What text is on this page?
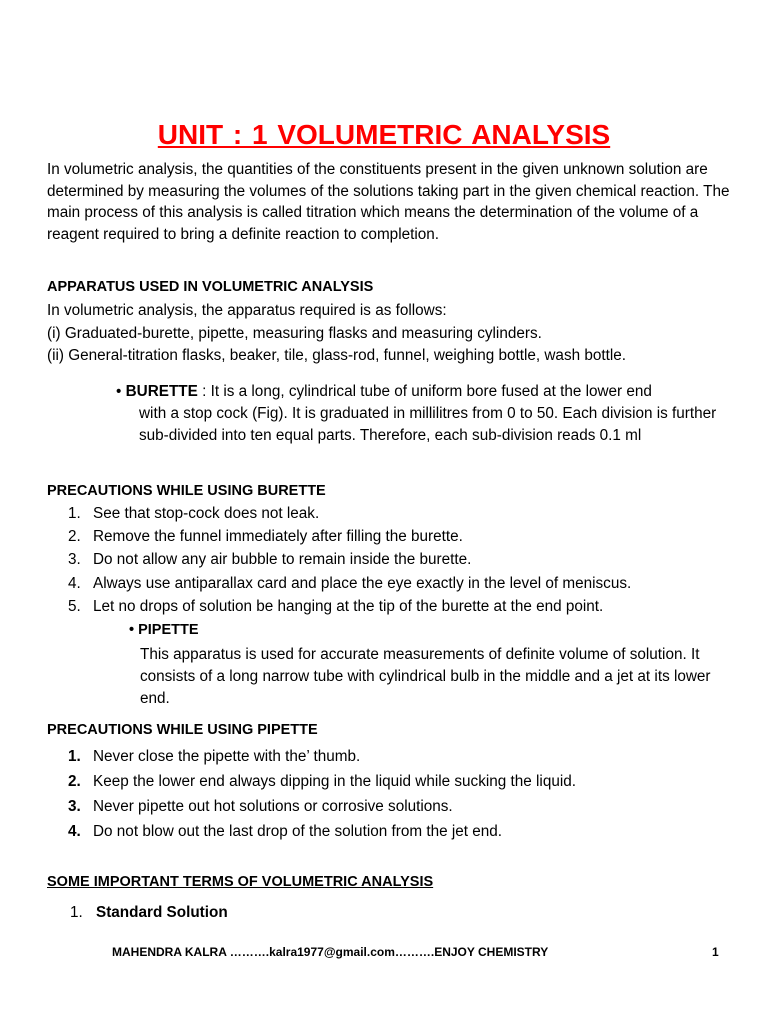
UNIT : 1 VOLUMETRIC ANALYSIS
In volumetric analysis, the quantities of the constituents present in the given unknown solution are determined by measuring the volumes of the solutions taking part in the given chemical reaction. The main process of this analysis is called titration which means the determination of the volume of a reagent required to bring a definite reaction to completion.
APPARATUS USED IN VOLUMETRIC ANALYSIS
In volumetric analysis, the apparatus required is as follows:
(i) Graduated-burette, pipette, measuring flasks and measuring cylinders.
(ii) General-titration flasks, beaker, tile, glass-rod, funnel, weighing bottle, wash bottle.
• BURETTE : It is a long, cylindrical tube of uniform bore fused at the lower end
with a stop cock (Fig). It is graduated in millilitres from 0 to 50. Each division is further sub-divided into ten equal parts. Therefore, each sub-division reads 0.1 ml
PRECAUTIONS WHILE USING BURETTE
1. See that stop-cock does not leak.
2. Remove the funnel immediately after filling the burette.
3. Do not allow any air bubble to remain inside the burette.
4. Always use antiparallax card and place the eye exactly in the level of meniscus.
5. Let no drops of solution be hanging at the tip of the burette at the end point.
• PIPETTE
This apparatus is used for accurate measurements of definite volume of solution. It consists of a long narrow tube with cylindrical bulb in the middle and a jet at its lower end.
PRECAUTIONS WHILE USING PIPETTE
1. Never close the pipette with the’ thumb.
2. Keep the lower end always dipping in the liquid while sucking the liquid.
3. Never pipette out hot solutions or corrosive solutions.
4. Do not blow out the last drop of the solution from the jet end.
SOME IMPORTANT TERMS OF VOLUMETRIC ANALYSIS
1. Standard Solution
MAHENDRA KALRA ……….kalra1977@gmail.com……….ENJOY CHEMISTRY	1
